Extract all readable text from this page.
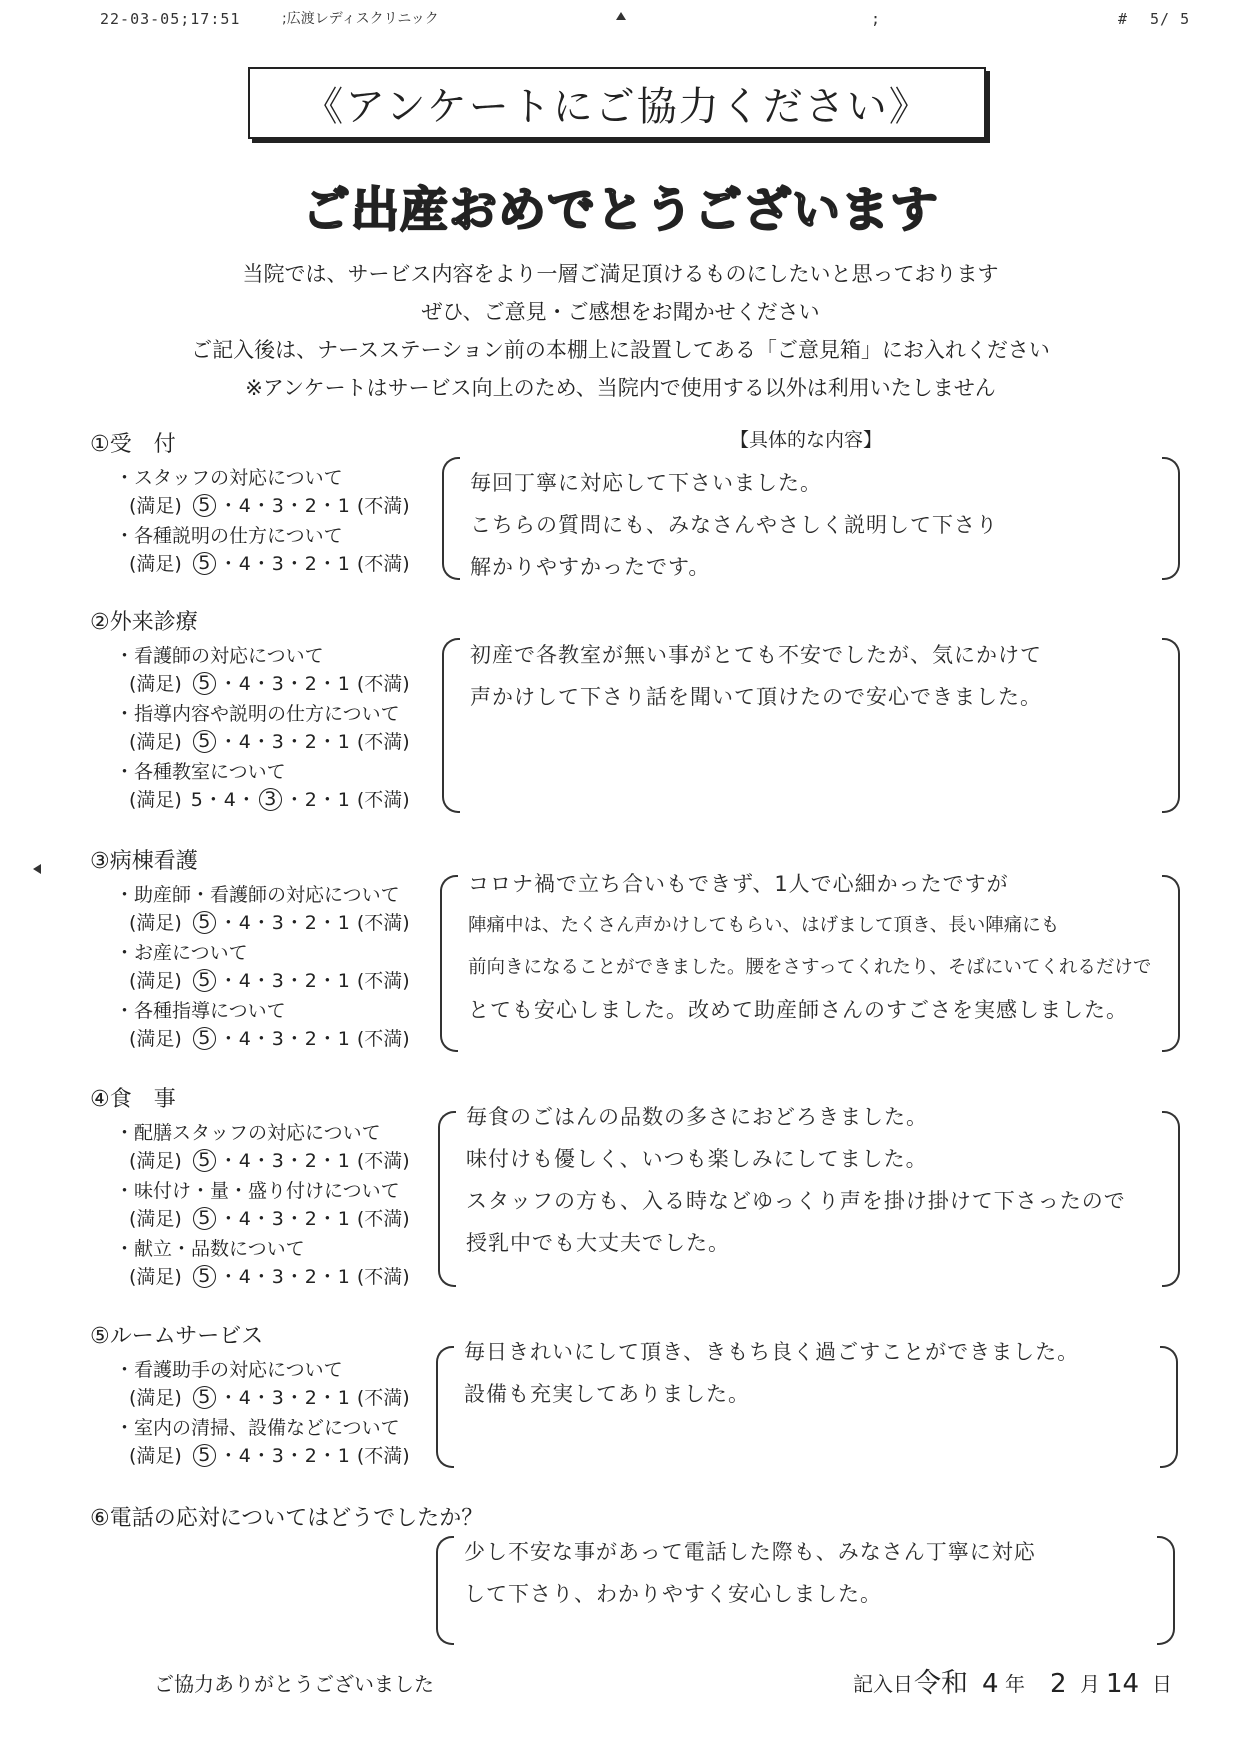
22-03-05;17:51	;広渡レディスクリニック	;	# 5/ 5
《アンケートにご協力ください》
ご出産おめでとうございます
当院では、サービス内容をより一層ご満足頂けるものにしたいと思っております
ぜひ、ご意見・ご感想をお聞かせください
ご記入後は、ナースステーション前の本棚上に設置してある「ご意見箱」にお入れください
※アンケートはサービス向上のため、当院内で使用する以外は利用いたしません
【具体的な内容】
①受　付
・スタッフの対応について
(満足) 5 ・4・3・2・1 (不満)
・各種説明の仕方について
(満足) 5 ・4・3・2・1 (不満)
毎回丁寧に対応して下さいました。
こちらの質問にも、みなさんやさしく説明して下さり
解かりやすかったです。
②外来診療
・看護師の対応について
(満足) 5 ・4・3・2・1 (不満)
・指導内容や説明の仕方について
(満足) 5 ・4・3・2・1 (不満)
・各種教室について
(満足) 5・4・ 3 ・2・1 (不満)
初産で各教室が無い事がとても不安でしたが、気にかけて
声かけして下さり話を聞いて頂けたので安心できました。
③病棟看護
・助産師・看護師の対応について
(満足) 5 ・4・3・2・1 (不満)
・お産について
(満足) 5 ・4・3・2・1 (不満)
・各種指導について
(満足) 5 ・4・3・2・1 (不満)
コロナ禍で立ち合いもできず、1人で心細かったですが
陣痛中は、たくさん声かけしてもらい、はげまして頂き、長い陣痛にも
前向きになることができました。腰をさすってくれたり、そばにいてくれるだけで
とても安心しました。改めて助産師さんのすごさを実感しました。
④食　事
・配膳スタッフの対応について
(満足) 5 ・4・3・2・1 (不満)
・味付け・量・盛り付けについて
(満足) 5 ・4・3・2・1 (不満)
・献立・品数について
(満足) 5 ・4・3・2・1 (不満)
毎食のごはんの品数の多さにおどろきました。
味付けも優しく、いつも楽しみにしてました。
スタッフの方も、入る時などゆっくり声を掛け掛けて下さったので
授乳中でも大丈夫でした。
⑤ルームサービス
・看護助手の対応について
(満足) 5 ・4・3・2・1 (不満)
・室内の清掃、設備などについて
(満足) 5 ・4・3・2・1 (不満)
毎日きれいにして頂き、きもち良く過ごすことができました。
設備も充実してありました。
⑥電話の応対についてはどうでしたか？
少し不安な事があって電話した際も、みなさん丁寧に対応
して下さり、わかりやすく安心しました。
ご協力ありがとうございました	記入日 令和 4 年 2 月 14 日
